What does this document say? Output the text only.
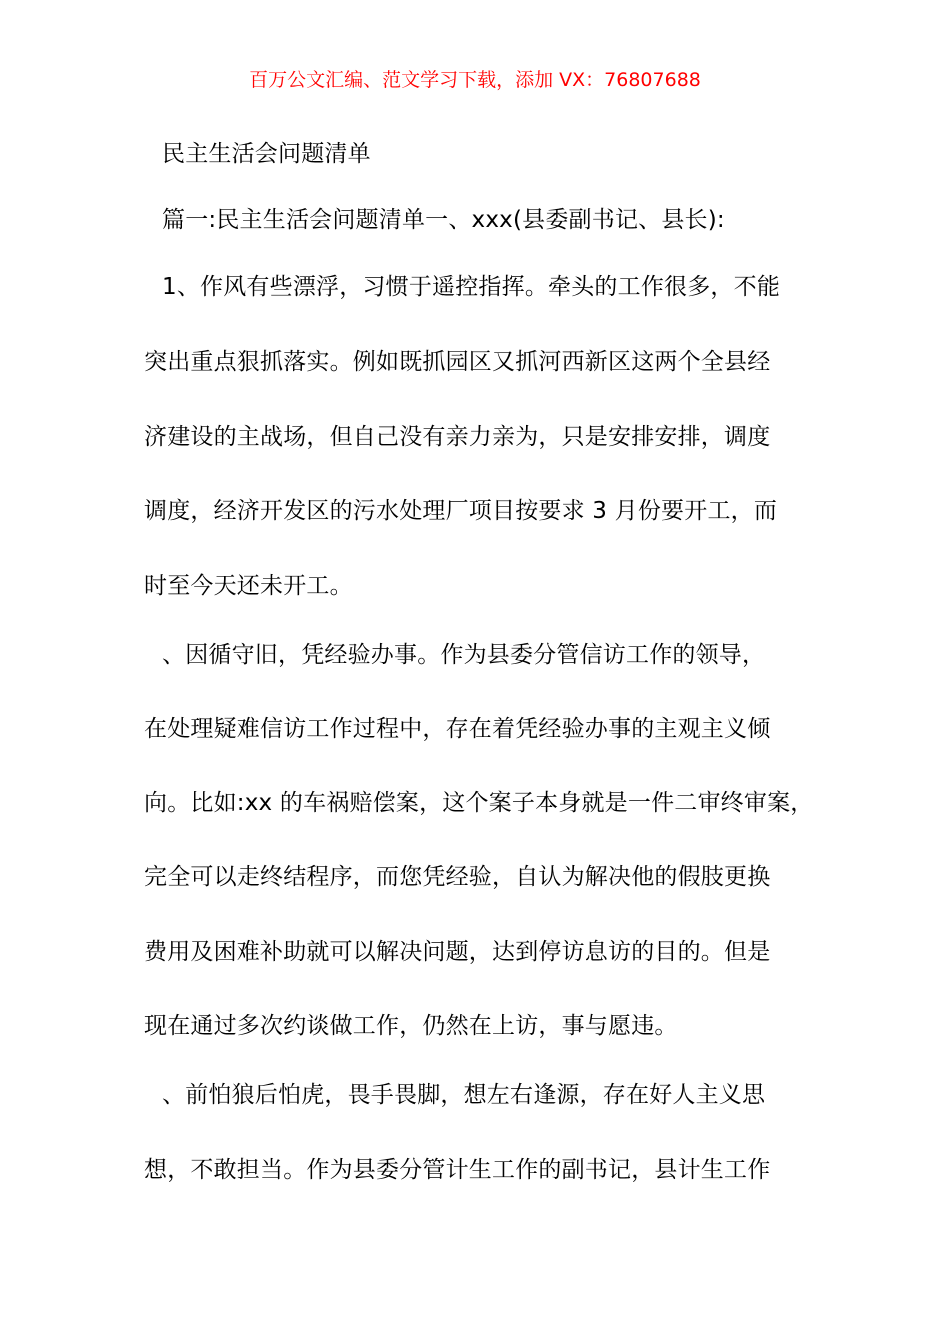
百万公文汇编、范文学习下载，添加 VX：76807688
民主生活会问题清单
篇一:民主生活会问题清单一、xxx(县委副书记、县长):
1、作风有些漂浮，习惯于遥控指挥。牵头的工作很多，不能
突出重点狠抓落实。例如既抓园区又抓河西新区这两个全县经
济建设的主战场，但自己没有亲力亲为，只是安排安排，调度
调度，经济开发区的污水处理厂项目按要求 3 月份要开工，而
时至今天还未开工。
、因循守旧，凭经验办事。作为县委分管信访工作的领导，
在处理疑难信访工作过程中，存在着凭经验办事的主观主义倾
向。比如:xx 的车祸赔偿案，这个案子本身就是一件二审终审案，
完全可以走终结程序，而您凭经验，自认为解决他的假肢更换
费用及困难补助就可以解决问题，达到停访息访的目的。但是
现在通过多次约谈做工作，仍然在上访，事与愿违。
、前怕狼后怕虎，畏手畏脚，想左右逢源，存在好人主义思
想，不敢担当。作为县委分管计生工作的副书记，县计生工作
